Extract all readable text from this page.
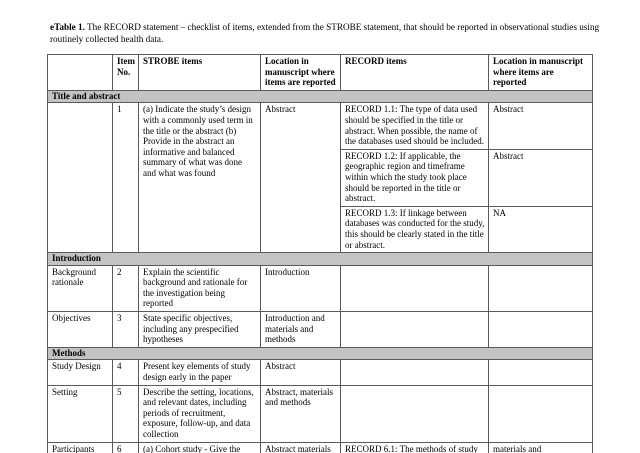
eTable 1. The RECORD statement – checklist of items, extended from the STROBE statement, that should be reported in observational studies using routinely collected health data.

	Item No.	STROBE items	Location in manuscript where items are reported	RECORD items	Location in manuscript where items are reported
Title and abstract					
	1	(a) Indicate the study’s design with a commonly used term in the title or the abstract (b) Provide in the abstract an informative and balanced summary of what was done and what was found	Abstract	RECORD 1.1: The type of data used should be specified in the title or abstract. When possible, the name of the databases used should be included.	Abstract
				RECORD 1.2: If applicable, the geographic region and timeframe within which the study took place should be reported in the title or abstract.	Abstract
				RECORD 1.3: If linkage between databases was conducted for the study, this should be clearly stated in the title or abstract.	NA
Introduction					
Background rationale	2	Explain the scientific background and rationale for the investigation being reported	Introduction		
Objectives	3	State specific objectives, including any prespecified hypotheses	Introduction and materials and methods		
Methods					
Study Design	4	Present key elements of study design early in the paper	Abstract		
Setting	5	Describe the setting, locations, and relevant dates, including periods of recruitment, exposure, follow-up, and data collection	Abstract, materials and methods		
Participants	6	(a) Cohort study - Give the	Abstract materials	RECORD 6.1: The methods of study	materials and
